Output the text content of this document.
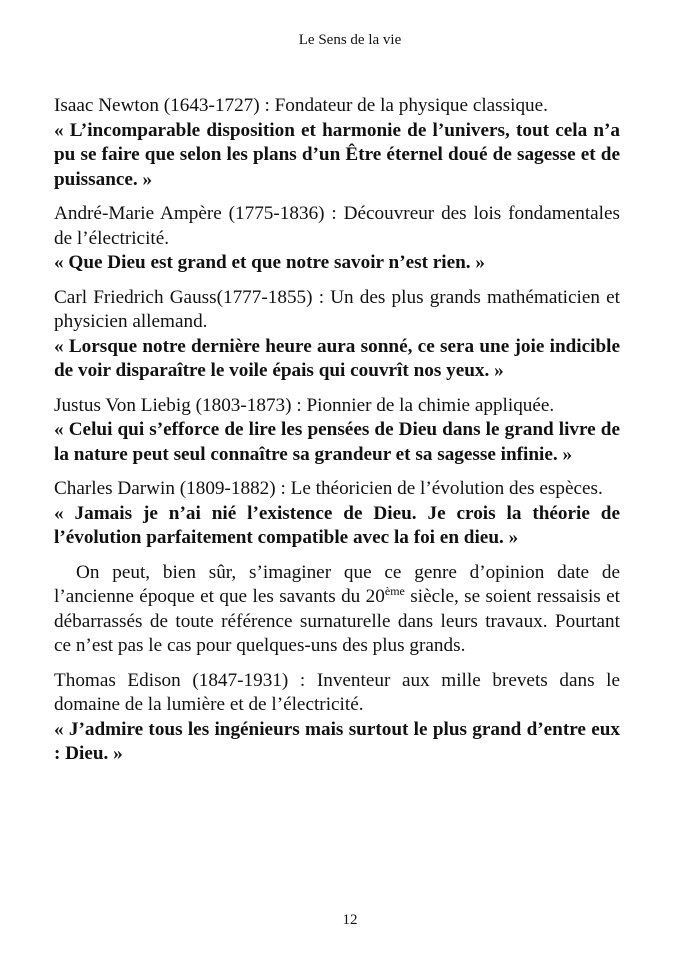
Le Sens de la vie
Isaac Newton (1643-1727) : Fondateur de la physique classique.
« L’incomparable disposition et harmonie de l’univers, tout cela n’a pu se faire que selon les plans d’un Être éternel doué de sagesse et de puissance. »
André-Marie Ampère (1775-1836) : Découvreur des lois fondamentales de l’électricité.
« Que Dieu est grand et que notre savoir n’est rien. »
Carl Friedrich Gauss(1777-1855) : Un des plus grands mathématicien et physicien allemand.
« Lorsque notre dernière heure aura sonné, ce sera une joie indicible de voir disparaître le voile épais qui couvrît nos yeux. »
Justus Von Liebig (1803-1873) : Pionnier de la chimie appliquée.
« Celui qui s’efforce de lire les pensées de Dieu dans le grand livre de la nature peut seul connaître sa grandeur et sa sagesse infinie. »
Charles Darwin (1809-1882) : Le théoricien de l’évolution des espèces.
« Jamais je n’ai nié l’existence de Dieu. Je crois la théorie de l’évolution parfaitement compatible avec la foi en dieu. »

On peut, bien sûr, s’imaginer que ce genre d’opinion date de l’ancienne époque et que les savants du 20ème siècle, se soient ressaisis et débarrassés de toute référence surnaturelle dans leurs travaux. Pourtant ce n’est pas le cas pour quelques-uns des plus grands.

Thomas Edison (1847-1931) : Inventeur aux mille brevets dans le domaine de la lumière et de l’électricité.
« J’admire tous les ingénieurs mais surtout le plus grand d’entre eux : Dieu. »
12
